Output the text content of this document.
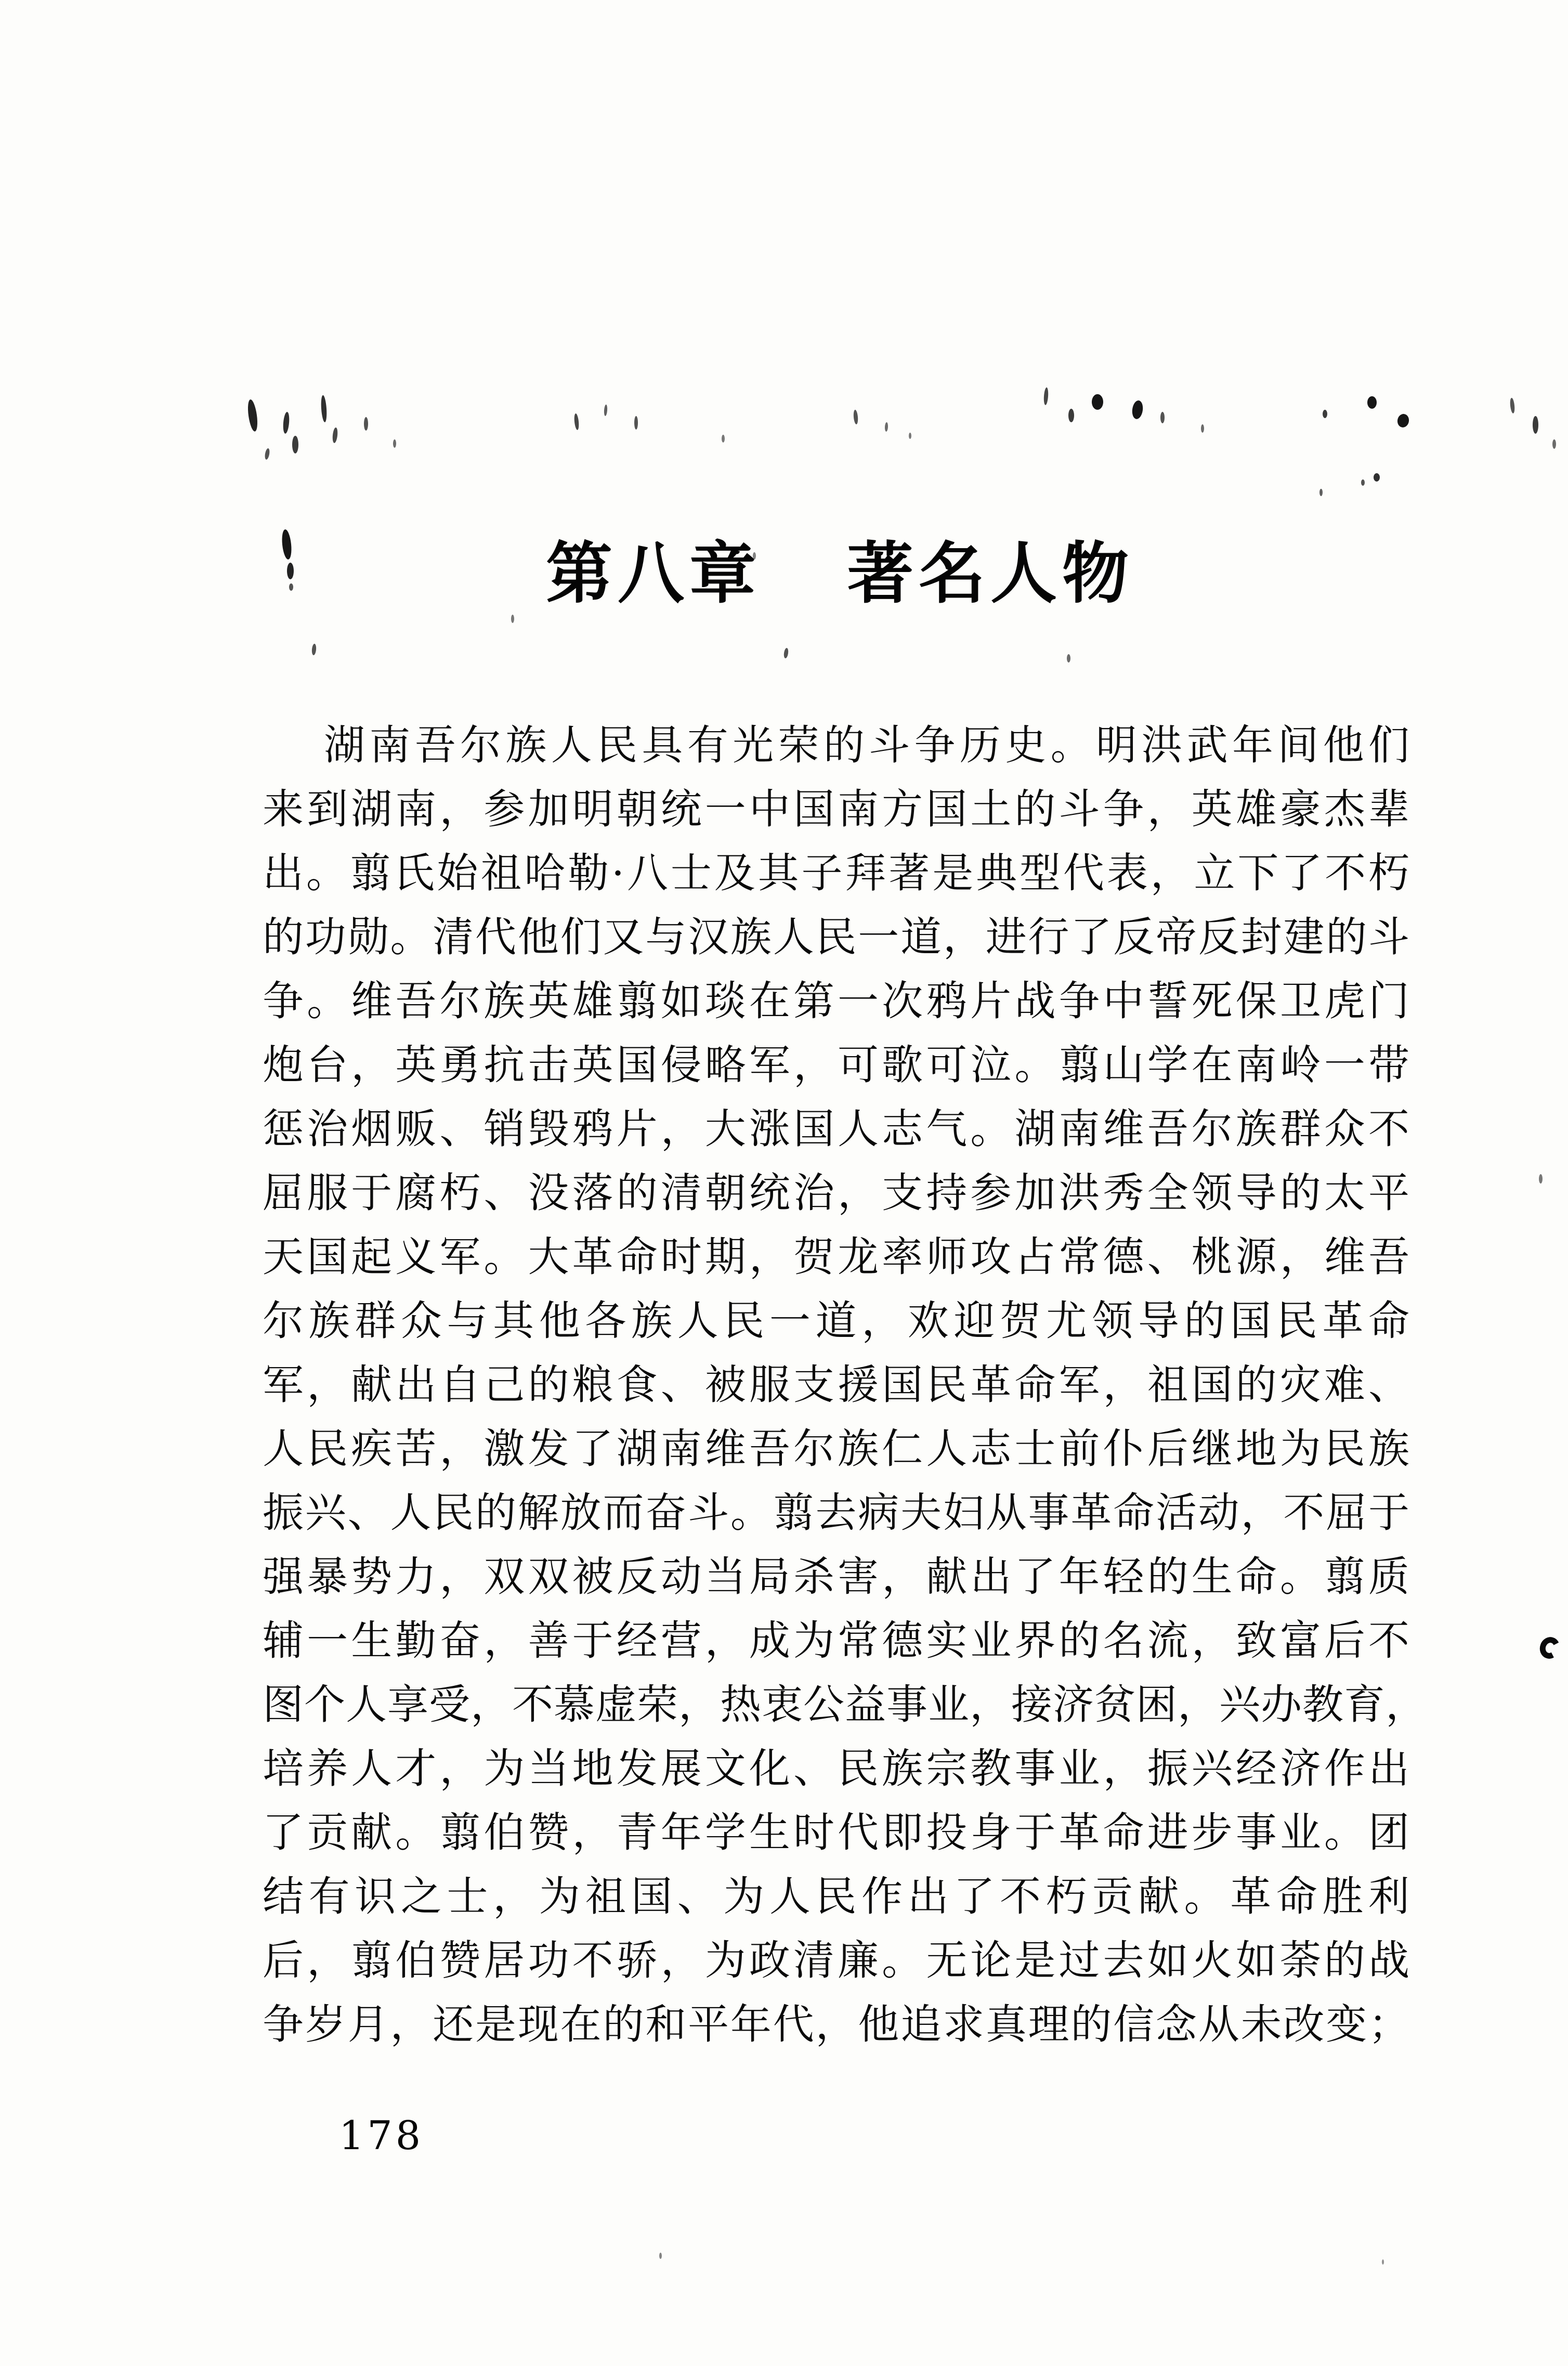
第八章 著名人物
湖南吾尔族人民具有光荣的斗争历史。明洪武年间他们
来到湖南，参加明朝统一中国南方国土的斗争，英雄豪杰辈
出。翦氏始祖哈勒·八士及其子拜著是典型代表，立下了不朽
的功勋。清代他们又与汉族人民一道，进行了反帝反封建的斗
争。维吾尔族英雄翦如琰在第一次鸦片战争中誓死保卫虎门
炮台，英勇抗击英国侵略军，可歌可泣。翦山学在南岭一带
惩治烟贩、销毁鸦片，大涨国人志气。湖南维吾尔族群众不
屈服于腐朽、没落的清朝统治，支持参加洪秀全领导的太平
天国起义军。大革命时期，贺龙率师攻占常德、桃源，维吾
尔族群众与其他各族人民一道，欢迎贺尤领导的国民革命
军，献出自己的粮食、被服支援国民革命军，祖国的灾难、
人民疾苦，激发了湖南维吾尔族仁人志士前仆后继地为民族
振兴、人民的解放而奋斗。翦去病夫妇从事革命活动，不屈于
强暴势力，双双被反动当局杀害，献出了年轻的生命。翦质
辅一生勤奋，善于经营，成为常德实业界的名流，致富后不
图个人享受，不慕虚荣，热衷公益事业，接济贫困，兴办教育，
培养人才，为当地发展文化、民族宗教事业，振兴经济作出
了贡献。翦伯赞，青年学生时代即投身于革命进步事业。团
结有识之士，为祖国、为人民作出了不朽贡献。革命胜利
后，翦伯赞居功不骄，为政清廉。无论是过去如火如荼的战
争岁月，还是现在的和平年代，他追求真理的信念从未改变；
178
